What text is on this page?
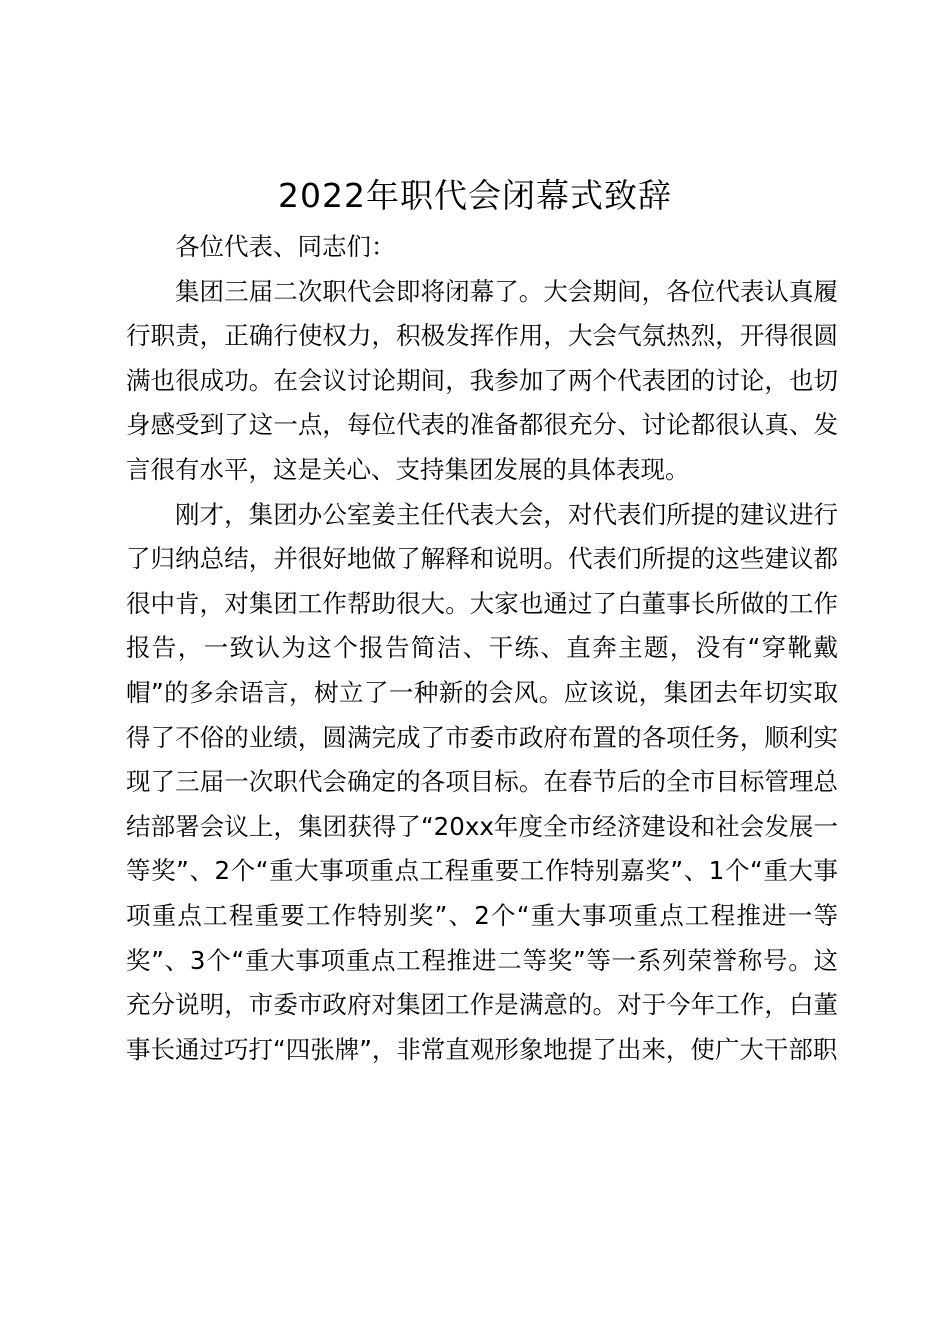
2022年职代会闭幕式致辞

各位代表、同志们：

集团三届二次职代会即将闭幕了。大会期间，各位代表认真履行职责，正确行使权力，积极发挥作用，大会气氛热烈，开得很圆满也很成功。在会议讨论期间，我参加了两个代表团的讨论，也切身感受到了这一点，每位代表的准备都很充分、讨论都很认真、发言很有水平，这是关心、支持集团发展的具体表现。

刚才，集团办公室姜主任代表大会，对代表们所提的建议进行了归纳总结，并很好地做了解释和说明。代表们所提的这些建议都很中肯，对集团工作帮助很大。大家也通过了白董事长所做的工作报告，一致认为这个报告简洁、干练、直奔主题，没有“穿靴戴帽”的多余语言，树立了一种新的会风。应该说，集团去年切实取得了不俗的业绩，圆满完成了市委市政府布置的各项任务，顺利实现了三届一次职代会确定的各项目标。在春节后的全市目标管理总结部署会议上，集团获得了“20xx年度全市经济建设和社会发展一等奖”、2个“重大事项重点工程重要工作特别嘉奖”、1个“重大事项重点工程重要工作特别奖”、2个“重大事项重点工程推进一等奖”、3个“重大事项重点工程推进二等奖”等一系列荣誉称号。这充分说明，市委市政府对集团工作是满意的。对于今年工作，白董事长通过巧打“四张牌”，非常直观形象地提了出来，使广大干部职
